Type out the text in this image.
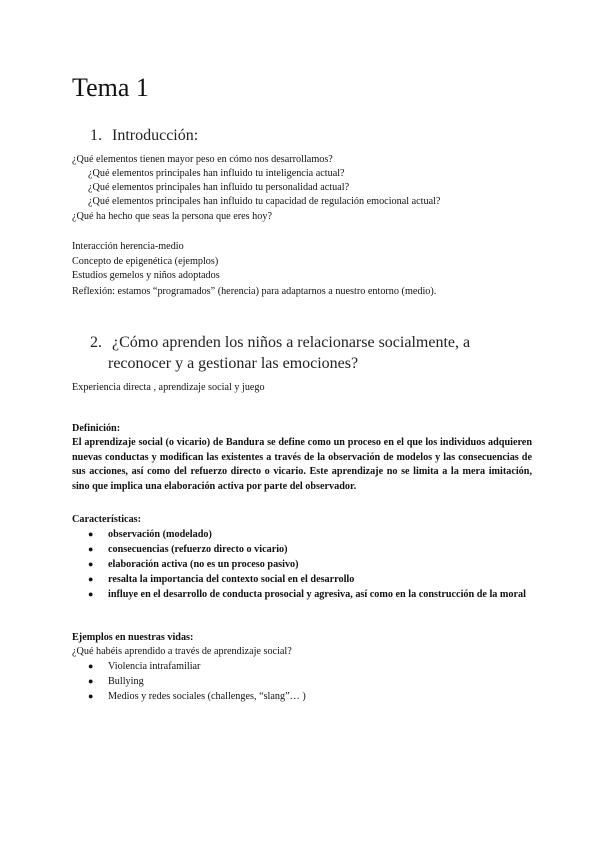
Tema 1
1. Introducción:
¿Qué elementos tienen mayor peso en cómo nos desarrollamos?
¿Qué elementos principales han influido tu inteligencia actual?
¿Qué elementos principales han influido tu personalidad actual?
¿Qué elementos principales han influido tu capacidad de regulación emocional actual?
¿Qué ha hecho que seas la persona que eres hoy?
Interacción herencia-medio
Concepto de epigenética (ejemplos)
Estudios gemelos y niños adoptados
Reflexión: estamos “programados” (herencia) para adaptarnos a nuestro entorno (medio).
2. ¿Cómo aprenden los niños a relacionarse socialmente, a
reconocer y a gestionar las emociones?
Experiencia directa , aprendizaje social y juego
Definición:
El aprendizaje social (o vicario) de Bandura se define como un proceso en el que los individuos adquieren nuevas conductas y modifican las existentes a través de la observación de modelos y las consecuencias de sus acciones, así como del refuerzo directo o vicario. Este aprendizaje no se limita a la mera imitación, sino que implica una elaboración activa por parte del observador.
Características:
● observación (modelado)
● consecuencias (refuerzo directo o vicario)
● elaboración activa (no es un proceso pasivo)
● resalta la importancia del contexto social en el desarrollo
● influye en el desarrollo de conducta prosocial y agresiva, así como en la construcción de la moral
Ejemplos en nuestras vidas:
¿Qué habéis aprendido a través de aprendizaje social?
● Violencia intrafamiliar
● Bullying
● Medios y redes sociales (challenges, “slang”… )
